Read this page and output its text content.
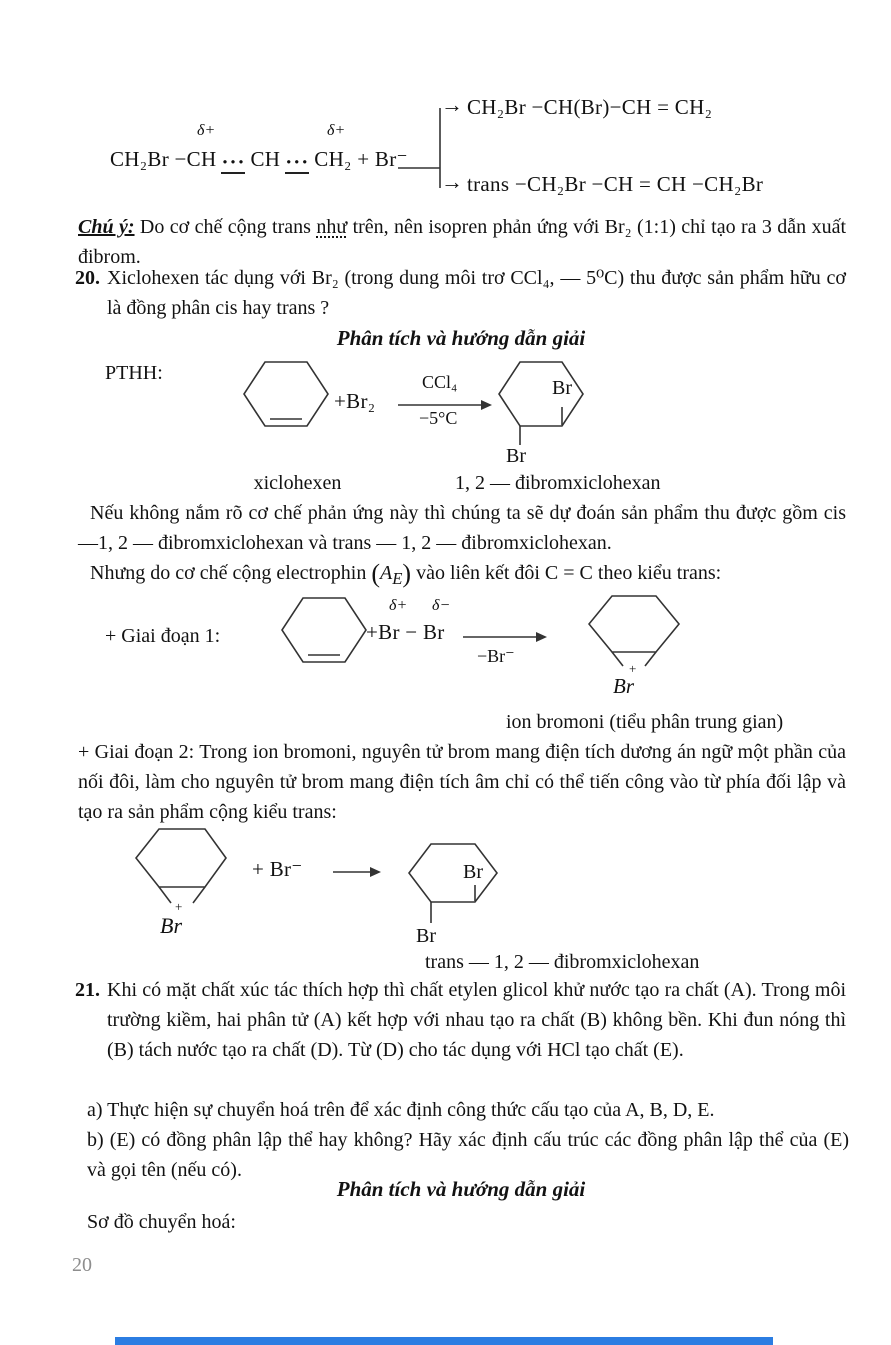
δ+	δ+
CH₂Br −CH ··· CH ··· CH₂ + Br⁻
→
→
CH₂Br −CH(Br)−CH = CH₂
trans −CH₂Br −CH = CH −CH₂Br
Chú ý: Do cơ chế cộng trans như trên, nên isopren phản ứng với Br₂ (1:1) chỉ tạo ra 3 dẫn xuất đibrom.
20. Xiclohexen tác dụng với Br₂ (trong dung môi trơ CCl₄, — 5⁰C) thu được sản phẩm hữu cơ là đồng phân cis hay trans ?
Phân tích và hướng dẫn giải
PTHH:
+Br₂
CCl₄
−5°C
Br
Br
xiclohexen	1, 2 — đibromxiclohexan
Nếu không nắm rõ cơ chế phản ứng này thì chúng ta sẽ dự đoán sản phẩm thu được gồm cis —1, 2 — đibromxiclohexan và trans — 1, 2 — đibromxiclohexan.
Nhưng do cơ chế cộng electrophin $(A_E)$ vào liên kết đôi C = C theo kiểu trans:
+ Giai đoạn 1:
δ+ δ−
+Br − Br
−Br⁻
+
Br
ion bromoni (tiểu phân trung gian)
+ Giai đoạn 2: Trong ion bromoni, nguyên tử brom mang điện tích dương án ngữ một phần của nối đôi, làm cho nguyên tử brom mang điện tích âm chỉ có thể tiến công vào từ phía đối lập và tạo ra sản phẩm cộng kiểu trans:
+
Br
+ Br⁻	Br
Br
trans — 1, 2 — đibromxiclohexan
21. Khi có mặt chất xúc tác thích hợp thì chất etylen glicol khử nước tạo ra chất (A). Trong môi trường kiềm, hai phân tử (A) kết hợp với nhau tạo ra chất (B) không bền. Khi đun nóng thì (B) tách nước tạo ra chất (D). Từ (D) cho tác dụng với HCl tạo chất (E).
a) Thực hiện sự chuyển hoá trên để xác định công thức cấu tạo của A, B, D, E.
b) (E) có đồng phân lập thể hay không? Hãy xác định cấu trúc các đồng phân lập thể của (E) và gọi tên (nếu có).
Phân tích và hướng dẫn giải
Sơ đồ chuyển hoá:
20
